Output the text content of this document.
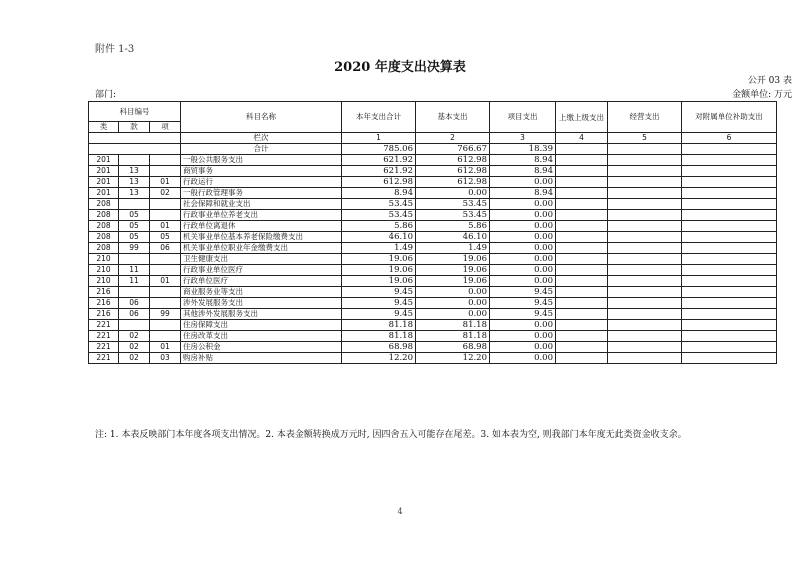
附件 1-3
2020 年度支出决算表
公开 03 表
部门:	金额单位: 万元
科目编号			科目名称	本年支出合计	基本支出	项目支出	上缴上级支出	经营支出	对附属单位补助支出
类	款	项							
			栏次	1	2	3	4	5	6
			合计	785.06	766.67	18.39			
201			一般公共服务支出	621.92	612.98	8.94			
201	13		商贸事务	621.92	612.98	8.94			
201	13	01	行政运行	612.98	612.98	0.00			
201	13	02	一般行政管理事务	8.94	0.00	8.94			
208			社会保障和就业支出	53.45	53.45	0.00			
208	05		行政事业单位养老支出	53.45	53.45	0.00			
208	05	01	行政单位离退休	5.86	5.86	0.00			
208	05	05	机关事业单位基本养老保险缴费支出	46.10	46.10	0.00			
208	99	06	机关事业单位职业年金缴费支出	1.49	1.49	0.00			
210			卫生健康支出	19.06	19.06	0.00			
210	11		行政事业单位医疗	19.06	19.06	0.00			
210	11	01	行政单位医疗	19.06	19.06	0.00			
216			商业服务业等支出	9.45	0.00	9.45			
216	06		涉外发展服务支出	9.45	0.00	9.45			
216	06	99	其他涉外发展服务支出	9.45	0.00	9.45			
221			住房保障支出	81.18	81.18	0.00			
221	02		住房改革支出	81.18	81.18	0.00			
221	02	01	住房公积金	68.98	68.98	0.00			
221	02	03	购房补贴	12.20	12.20	0.00			
注: 1. 本表反映部门本年度各项支出情况。2. 本表金额转换成万元时, 因四舍五入可能存在尾差。3. 如本表为空, 则我部门本年度无此类资金收支余。
4
